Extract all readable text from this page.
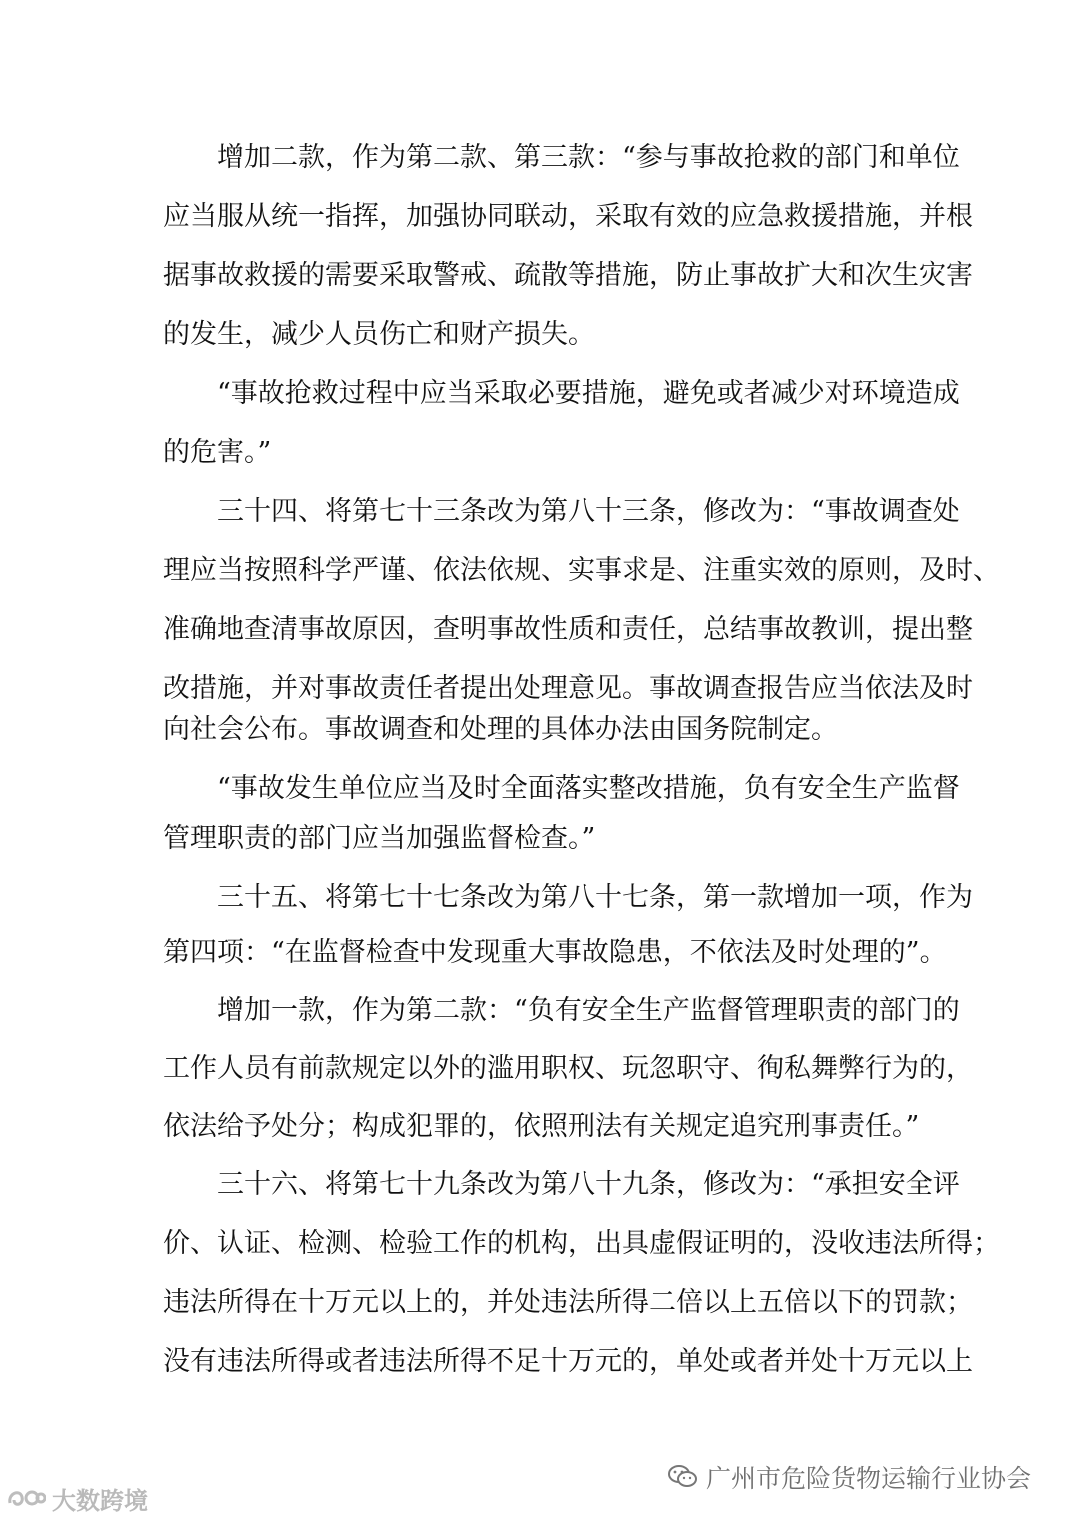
增加二款，作为第二款、第三款：“参与事故抢救的部门和单位
应当服从统一指挥，加强协同联动，采取有效的应急救援措施，并根
据事故救援的需要采取警戒、疏散等措施，防止事故扩大和次生灾害
的发生，减少人员伤亡和财产损失。
“事故抢救过程中应当采取必要措施，避免或者减少对环境造成
的危害。”
三十四、将第七十三条改为第八十三条，修改为：“事故调查处
理应当按照科学严谨、依法依规、实事求是、注重实效的原则，及时、
准确地查清事故原因，查明事故性质和责任，总结事故教训，提出整
改措施，并对事故责任者提出处理意见。事故调查报告应当依法及时
向社会公布。事故调查和处理的具体办法由国务院制定。
“事故发生单位应当及时全面落实整改措施，负有安全生产监督
管理职责的部门应当加强监督检查。”
三十五、将第七十七条改为第八十七条，第一款增加一项，作为
第四项：“在监督检查中发现重大事故隐患，不依法及时处理的”。
增加一款，作为第二款：“负有安全生产监督管理职责的部门的
工作人员有前款规定以外的滥用职权、玩忽职守、徇私舞弊行为的，
依法给予处分；构成犯罪的，依照刑法有关规定追究刑事责任。”
三十六、将第七十九条改为第八十九条，修改为：“承担安全评
价、认证、检测、检验工作的机构，出具虚假证明的，没收违法所得；
违法所得在十万元以上的，并处违法所得二倍以上五倍以下的罚款；
没有违法所得或者违法所得不足十万元的，单处或者并处十万元以上
广州市危险货物运输行业协会
大数跨境
